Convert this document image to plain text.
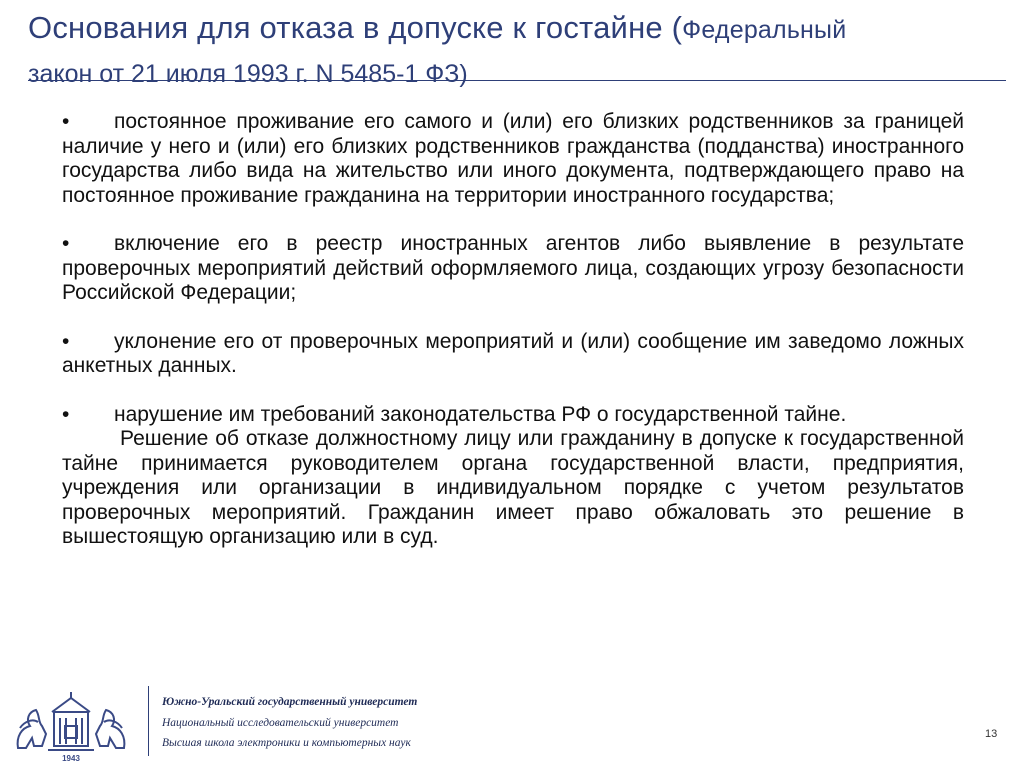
Основания для отказа в допуске к гостайне (Федеральный
закон от 21 июля 1993 г. N 5485-1 ФЗ)

• постоянное проживание его самого и (или) его близких родственников за границей наличие у него и (или) его близких родственников гражданства (подданства) иностранного государства либо вида на жительство или иного документа, подтверждающего право на постоянное проживание гражданина на территории иностранного государства;

• включение его в реестр иностранных агентов либо выявление в результате проверочных мероприятий действий оформляемого лица, создающих угрозу безопасности Российской Федерации;

• уклонение его от проверочных мероприятий и (или) сообщение им заведомо ложных анкетных данных.

• нарушение им требований законодательства РФ о государственной тайне.

Решение об отказе должностному лицу или гражданину в допуске к государственной тайне принимается руководителем органа государственной власти, предприятия, учреждения или организации в индивидуальном порядке с учетом результатов проверочных мероприятий. Гражданин имеет право обжаловать это решение в вышестоящую организацию или в суд.

1943
Южно-Уральский государственный университет
Национальный исследовательский университет
Высшая школа электроники и компьютерных наук
13
